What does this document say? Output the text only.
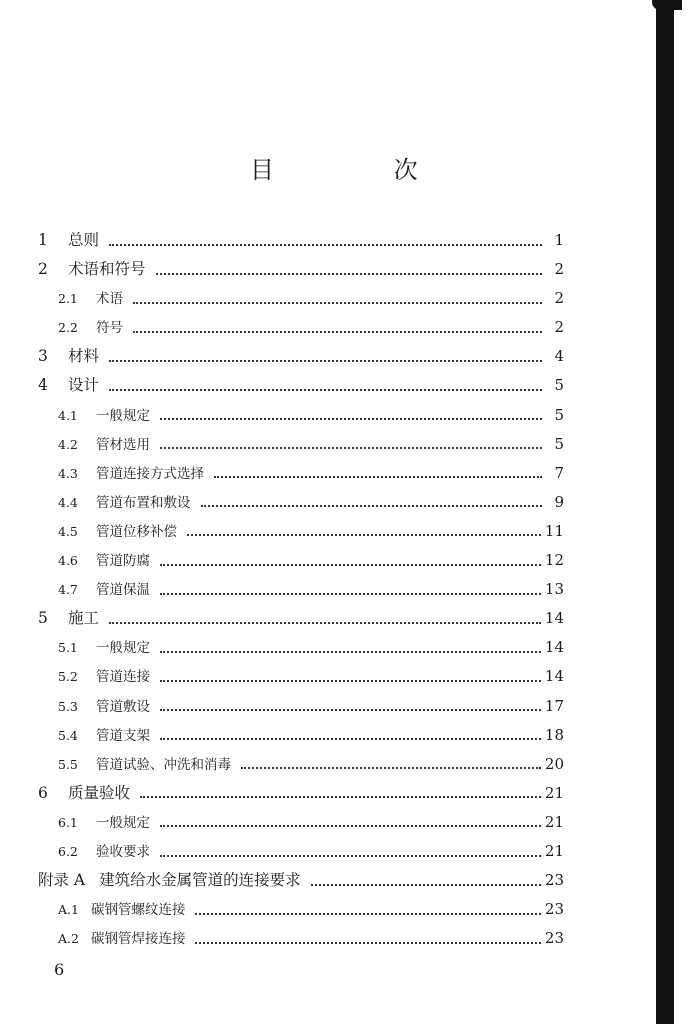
目 次
1	总则	1
2	术语和符号	2
2.1	术语	2
2.2	符号	2
3	材料	4
4	设计	5
4.1	一般规定	5
4.2	管材选用	5
4.3	管道连接方式选择	7
4.4	管道布置和敷设	9
4.5	管道位移补偿	11
4.6	管道防腐	12
4.7	管道保温	13
5	施工	14
5.1	一般规定	14
5.2	管道连接	14
5.3	管道敷设	17
5.4	管道支架	18
5.5	管道试验、冲洗和消毒	20
6	质量验收	21
6.1	一般规定	21
6.2	验收要求	21
附录 A 建筑给水金属管道的连接要求	23
A.1 碳钢管螺纹连接	23
A.2 碳钢管焊接连接	23
6
